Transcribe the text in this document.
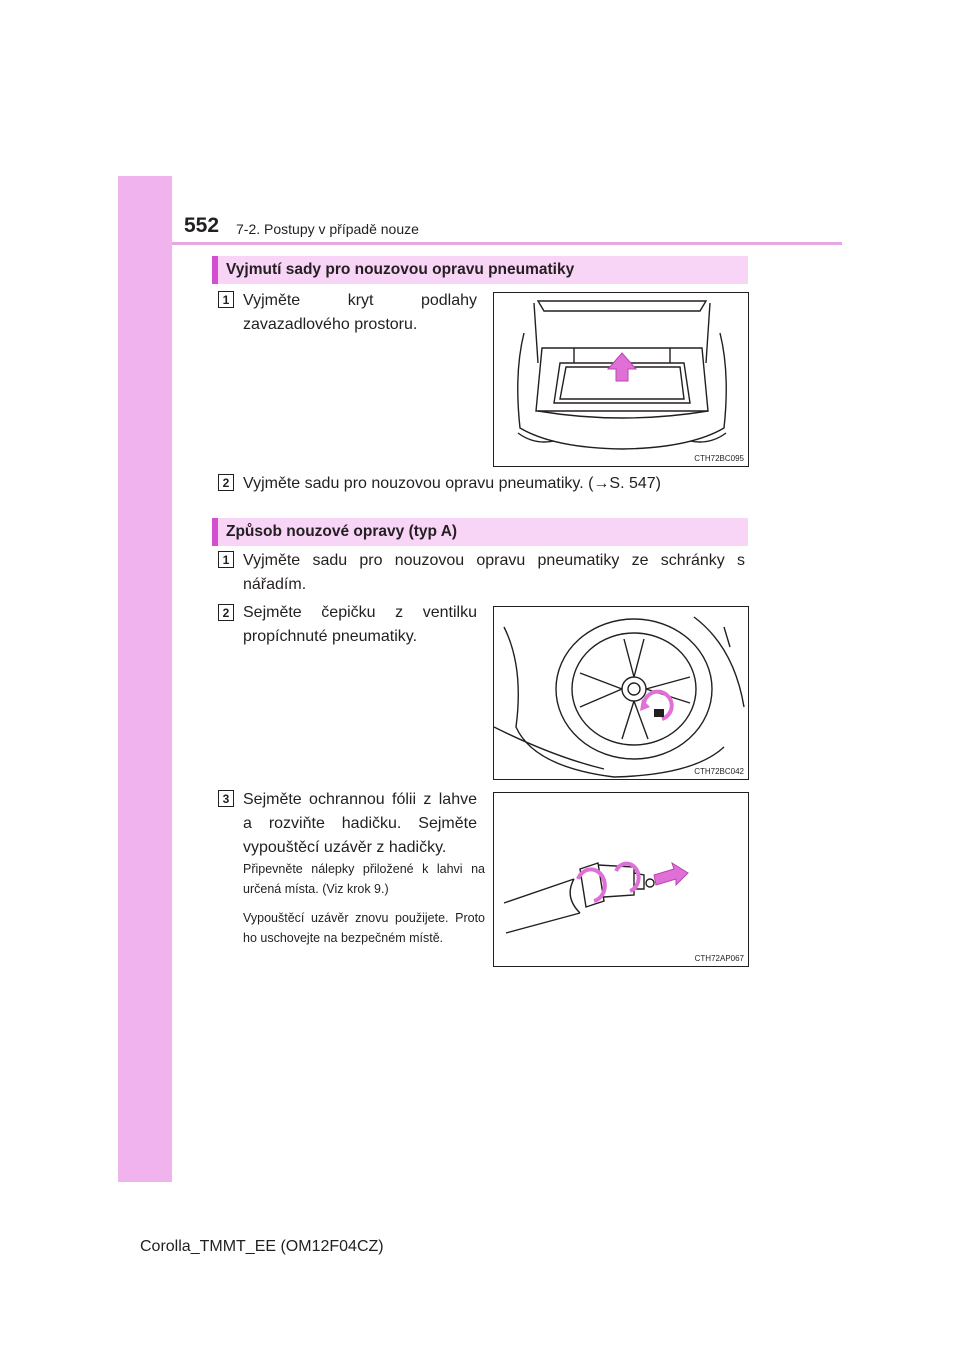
552 7-2. Postupy v případě nouze
Vyjmutí sady pro nouzovou opravu pneumatiky
1 Vyjměte kryt podlahy zavazadlového prostoru.
CTH72BC095
2 Vyjměte sadu pro nouzovou opravu pneumatiky. (→S. 547)
Způsob nouzové opravy (typ A)
1 Vyjměte sadu pro nouzovou opravu pneumatiky ze schránky s nářadím.
2 Sejměte čepičku z ventilku propíchnuté pneumatiky.
CTH72BC042
3 Sejměte ochrannou fólii z lahve a rozviňte hadičku. Sejměte vypouštěcí uzávěr z hadičky.
Připevněte nálepky přiložené k lahvi na určená místa. (Viz krok 9.)
Vypouštěcí uzávěr znovu použijete. Proto ho uschovejte na bezpečném místě.
CTH72AP067
Corolla_TMMT_EE (OM12F04CZ)
